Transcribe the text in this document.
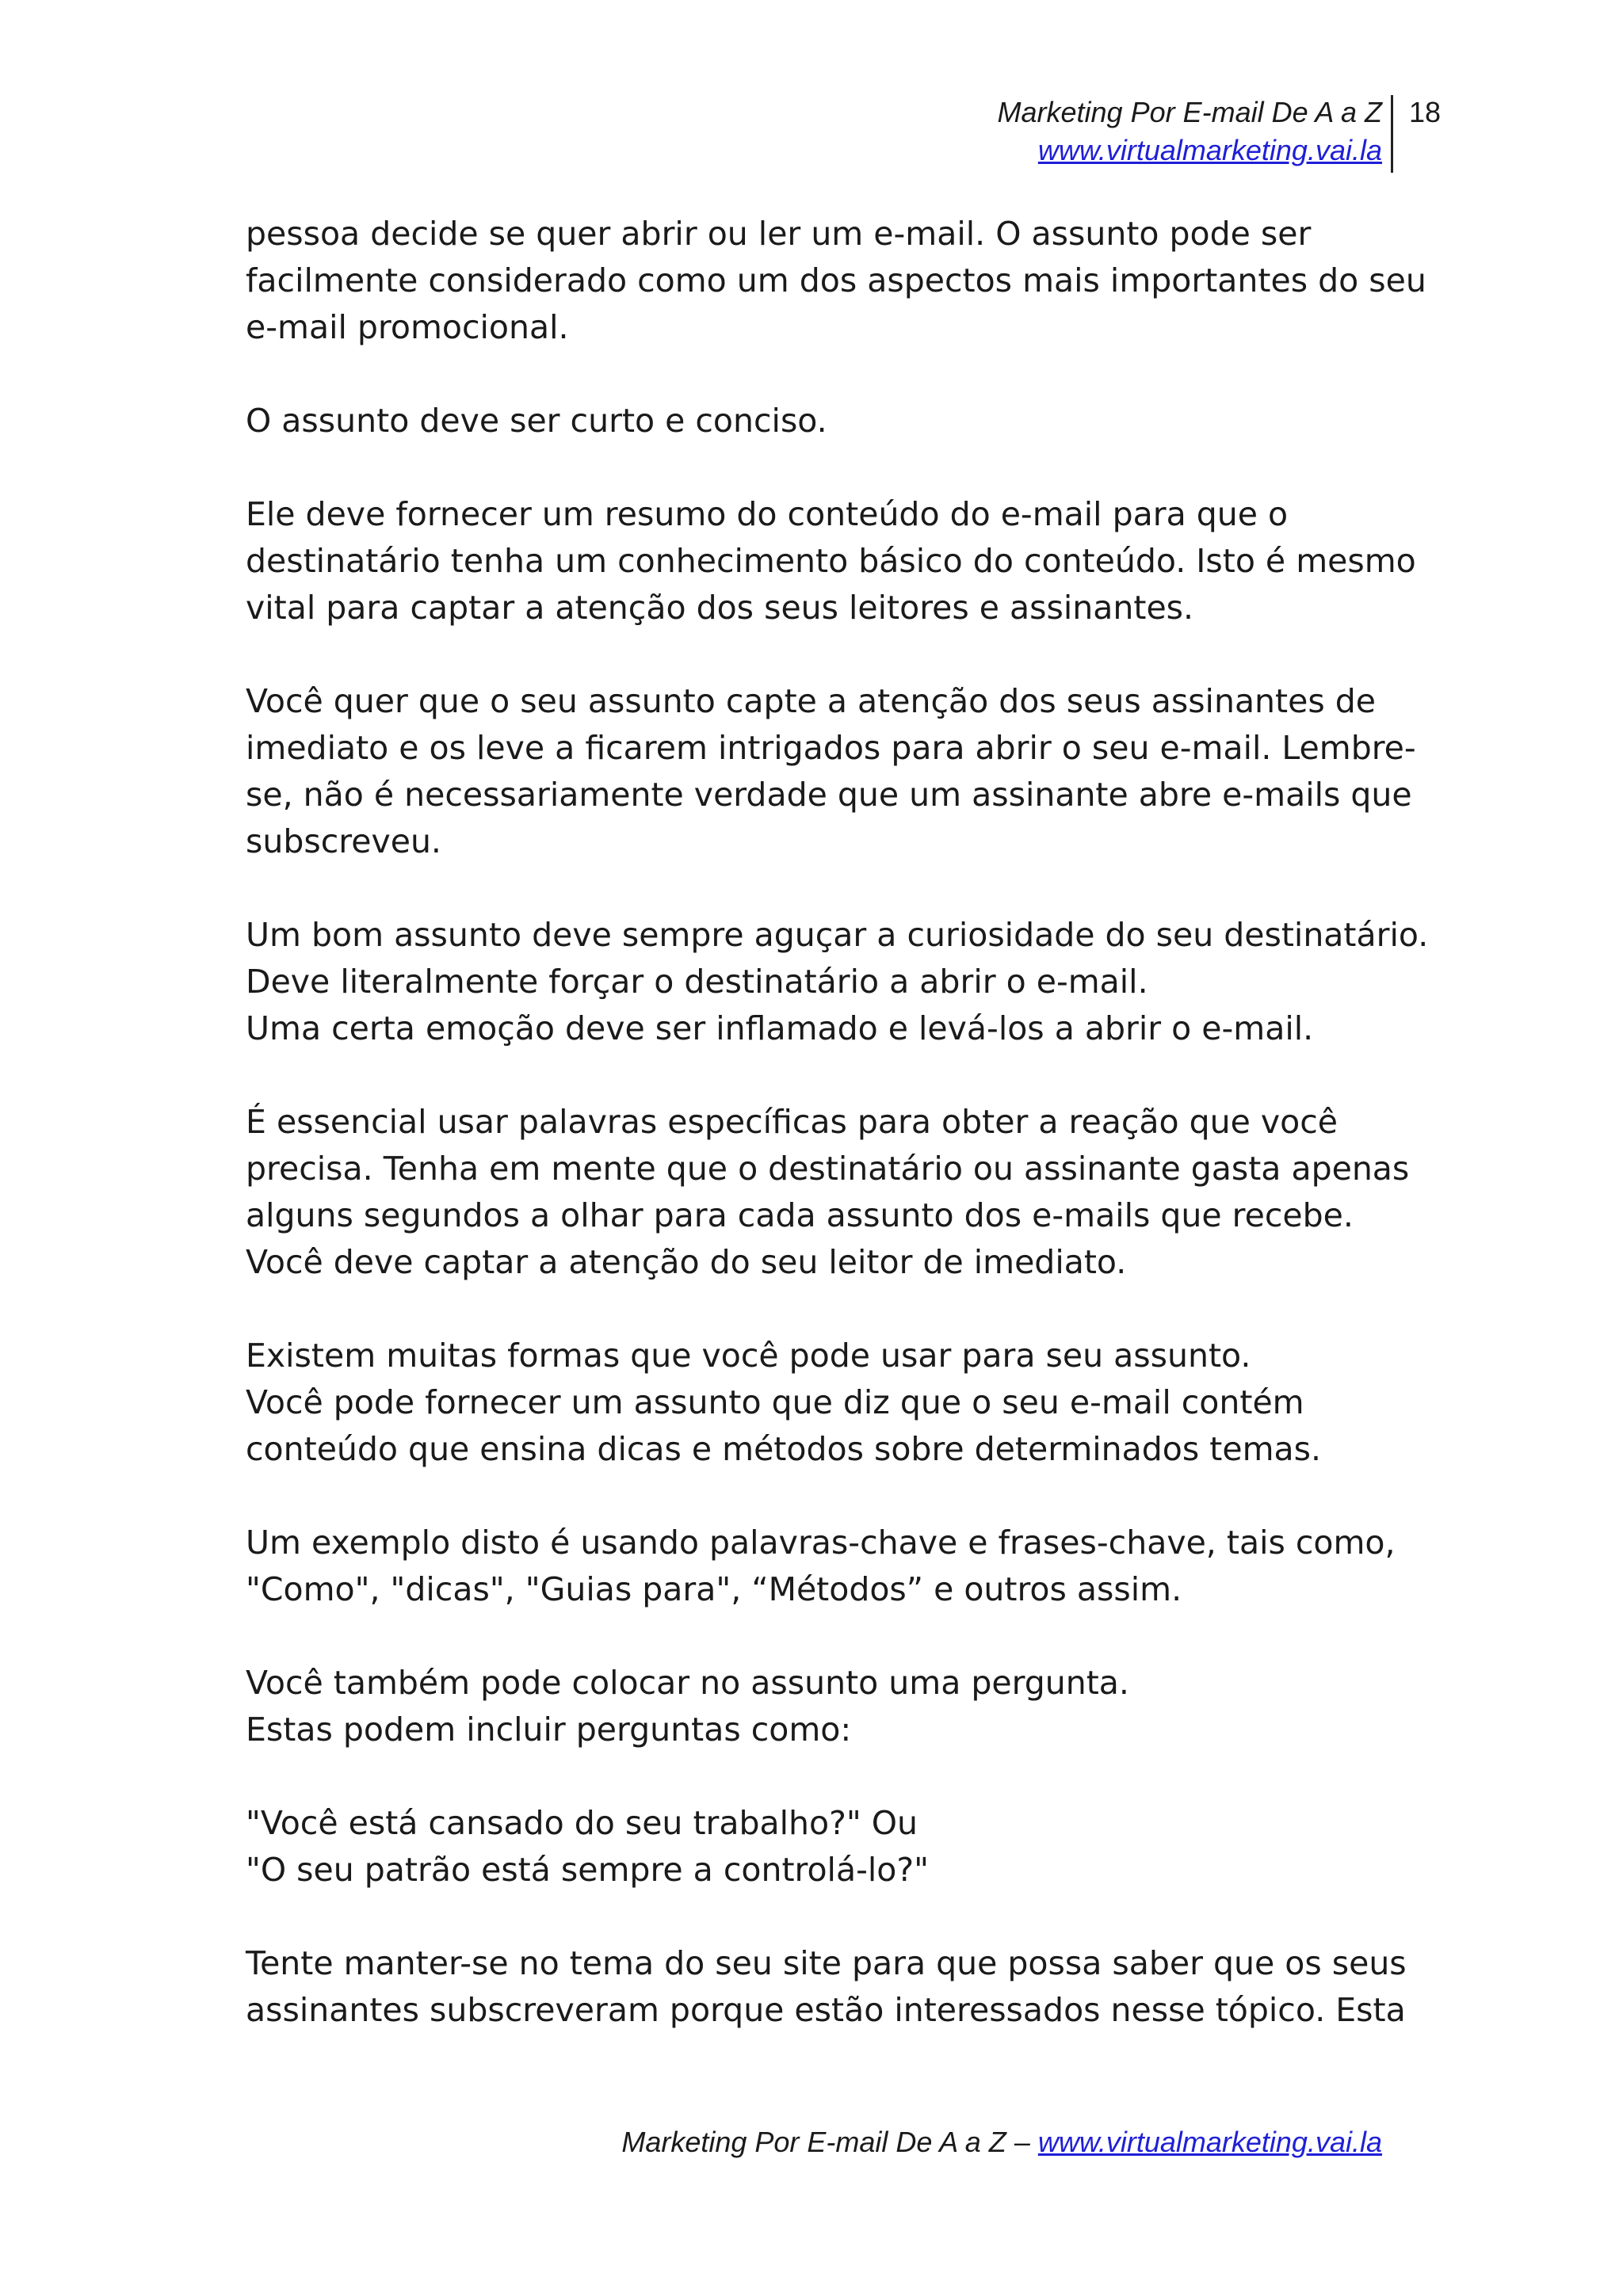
Marketing Por E-mail De A a Z
www.virtualmarketing.vai.la
18

pessoa decide se quer abrir ou ler um e-mail. O assunto pode ser
facilmente considerado como um dos aspectos mais importantes do seu
e-mail promocional.

O assunto deve ser curto e conciso.

Ele deve fornecer um resumo do conteúdo do e-mail para que o
destinatário tenha um conhecimento básico do conteúdo. Isto é mesmo
vital para captar a atenção dos seus leitores e assinantes.

Você quer que o seu assunto capte a atenção dos seus assinantes de
imediato e os leve a ficarem intrigados para abrir o seu e-mail. Lembre-
se, não é necessariamente verdade que um assinante abre e-mails que
subscreveu.

Um bom assunto deve sempre aguçar a curiosidade do seu destinatário.
Deve literalmente forçar o destinatário a abrir o e-mail.
Uma certa emoção deve ser inflamado e levá-los a abrir o e-mail.

É essencial usar palavras específicas para obter a reação que você
precisa. Tenha em mente que o destinatário ou assinante gasta apenas
alguns segundos a olhar para cada assunto dos e-mails que recebe.
Você deve captar a atenção do seu leitor de imediato.

Existem muitas formas que você pode usar para seu assunto.
Você pode fornecer um assunto que diz que o seu e-mail contém
conteúdo que ensina dicas e métodos sobre determinados temas.

Um exemplo disto é usando palavras-chave e frases-chave, tais como,
"Como", "dicas", "Guias para", “Métodos” e outros assim.

Você também pode colocar no assunto uma pergunta.
Estas podem incluir perguntas como:

"Você está cansado do seu trabalho?" Ou
"O seu patrão está sempre a controlá-lo?"

Tente manter-se no tema do seu site para que possa saber que os seus
assinantes subscreveram porque estão interessados nesse tópico. Esta

Marketing Por E-mail De A a Z – www.virtualmarketing.vai.la
